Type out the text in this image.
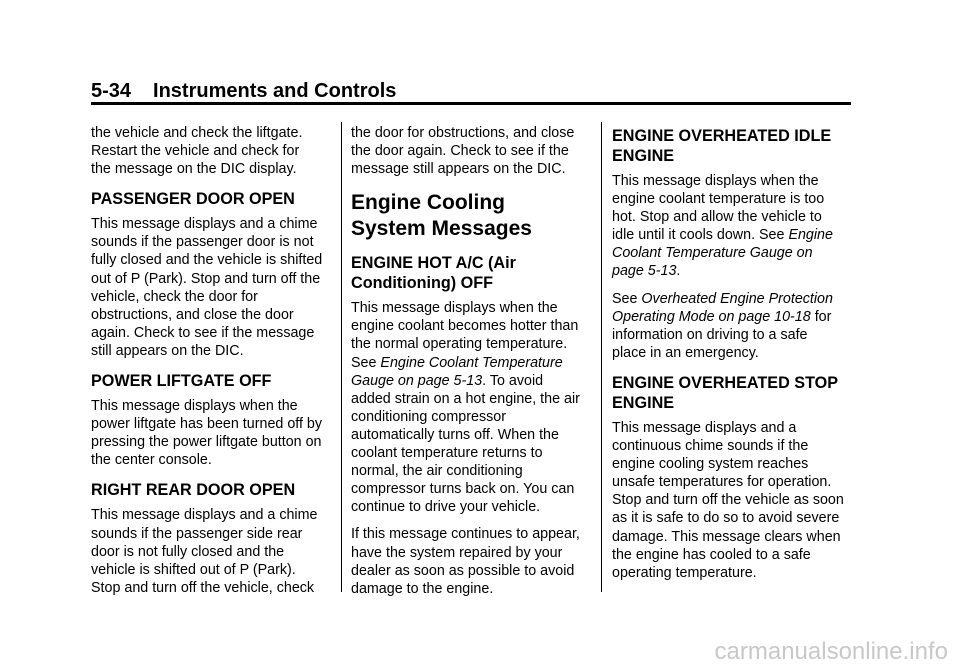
5-34 Instruments and Controls

the vehicle and check the liftgate. Restart the vehicle and check for the message on the DIC display.

PASSENGER DOOR OPEN

This message displays and a chime sounds if the passenger door is not fully closed and the vehicle is shifted out of P (Park). Stop and turn off the vehicle, check the door for obstructions, and close the door again. Check to see if the message still appears on the DIC.

POWER LIFTGATE OFF

This message displays when the power liftgate has been turned off by pressing the power liftgate button on the center console.

RIGHT REAR DOOR OPEN

This message displays and a chime sounds if the passenger side rear door is not fully closed and the vehicle is shifted out of P (Park). Stop and turn off the vehicle, check

the door for obstructions, and close the door again. Check to see if the message still appears on the DIC.

Engine Cooling System Messages
ENGINE HOT A/C (Air Conditioning) OFF

This message displays when the engine coolant becomes hotter than the normal operating temperature. See Engine Coolant Temperature Gauge on page 5‑13. To avoid added strain on a hot engine, the air conditioning compressor automatically turns off. When the coolant temperature returns to normal, the air conditioning compressor turns back on. You can continue to drive your vehicle.

If this message continues to appear, have the system repaired by your dealer as soon as possible to avoid damage to the engine.

ENGINE OVERHEATED IDLE ENGINE

This message displays when the engine coolant temperature is too hot. Stop and allow the vehicle to idle until it cools down. See Engine Coolant Temperature Gauge on page 5‑13.

See Overheated Engine Protection Operating Mode on page 10‑18 for information on driving to a safe place in an emergency.

ENGINE OVERHEATED STOP ENGINE

This message displays and a continuous chime sounds if the engine cooling system reaches unsafe temperatures for operation. Stop and turn off the vehicle as soon as it is safe to do so to avoid severe damage. This message clears when the engine has cooled to a safe operating temperature.

carmanualsonline.info
